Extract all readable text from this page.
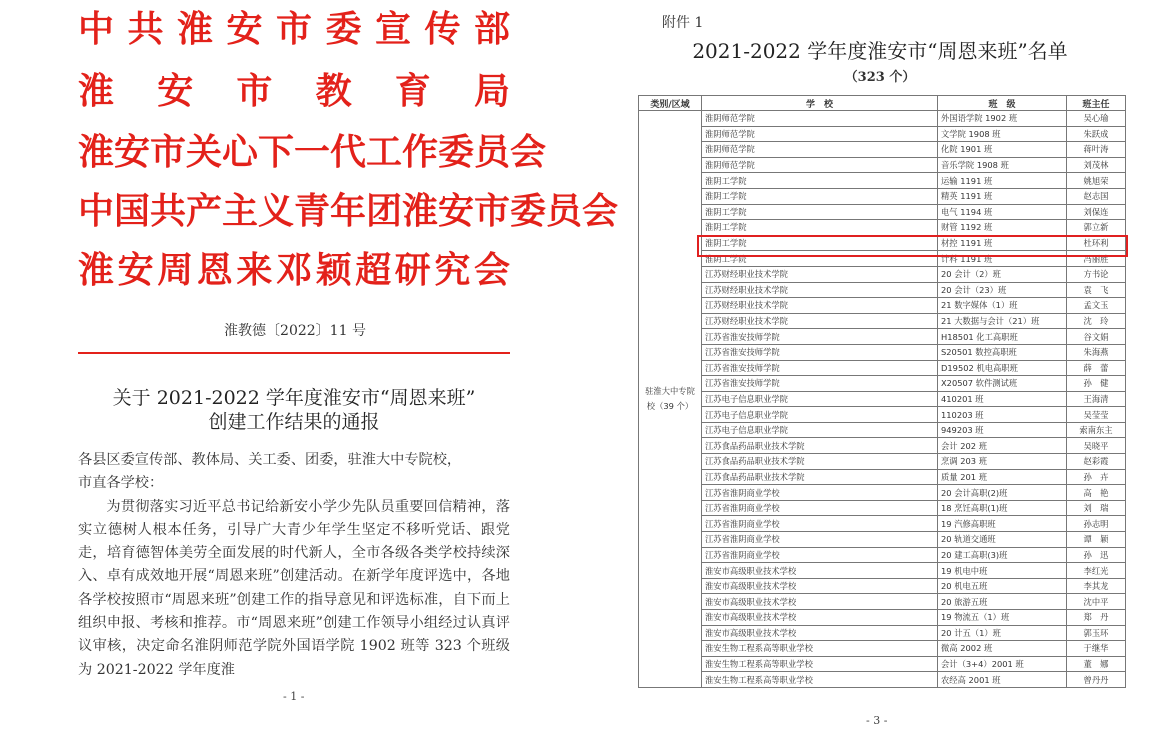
中共淮安市委宣传部
淮安市教育局
淮安市关心下一代工作委员会
中国共产主义青年团淮安市委员会
淮安周恩来邓颖超研究会
淮教德〔2022〕11 号
关于 2021-2022 学年度淮安市“周恩来班”
创建工作结果的通报

各县区委宣传部、教体局、关工委、团委，驻淮大中专院校，

市直各学校：

为贯彻落实习近平总书记给新安小学少先队员重要回信精神，落实立德树人根本任务，引导广大青少年学生坚定不移听党话、跟党走，培育德智体美劳全面发展的时代新人，全市各级各类学校持续深入、卓有成效地开展“周恩来班”创建活动。在新学年度评选中，各地各学校按照市“周恩来班”创建工作的指导意见和评选标准，自下而上组织申报、考核和推荐。市“周恩来班”创建工作领导小组经过认真评议审核，决定命名淮阴师范学院外国语学院 1902 班等 323 个班级为 2021-2022 学年度淮

- 1 -
附件 1
2021-2022 学年度淮安市“周恩来班”名单
（323 个）
类别/区域	学　校	班　级	班主任
驻淮大中专院校（39 个）	淮阴师范学院	外国语学院 1902 班	吴心瑜
	淮阴师范学院	文学院 1908 班	朱跃成
	淮阴师范学院	化院 1901 班	蒋叶涛
	淮阴师范学院	音乐学院 1908 班	刘茂林
	淮阴工学院	运输 1191 班	姚旭荣
	淮阴工学院	精英 1191 班	赵志国
	淮阴工学院	电气 1194 班	刘保连
	淮阴工学院	财管 1192 班	郭立新
	淮阴工学院	材控 1191 班	杜环利
	淮阴工学院	计科 1191 班	冯丽胜
	江苏财经职业技术学院	20 会计（2）班	方书论
	江苏财经职业技术学院	20 会计（23）班	袁　飞
	江苏财经职业技术学院	21 数字媒体（1）班	孟文玉
	江苏财经职业技术学院	21 大数据与会计（21）班	沈　玲
	江苏省淮安技师学院	H18501 化工高职班	谷文娟
	江苏省淮安技师学院	S20501 数控高职班	朱海燕
	江苏省淮安技师学院	D19502 机电高职班	薛　蕾
	江苏省淮安技师学院	X20507 软件测试班	孙　健
	江苏电子信息职业学院	410201 班	王海清
	江苏电子信息职业学院	110203 班	吴莹莹
	江苏电子信息职业学院	949203 班	索南东主
	江苏食品药品职业技术学院	会计 202 班	吴晓平
	江苏食品药品职业技术学院	烹调 203 班	赵彩霞
	江苏食品药品职业技术学院	质量 201 班	孙　卉
	江苏省淮阴商业学校	20 会计高职(2)班	高　艳
	江苏省淮阴商业学校	18 烹饪高职(1)班	刘　瑞
	江苏省淮阴商业学校	19 汽修高职班	孙志明
	江苏省淮阴商业学校	20 轨道交通班	谭　颖
	江苏省淮阴商业学校	20 建工高职(3)班	孙　迅
	淮安市高级职业技术学校	19 机电中班	李红光
	淮安市高级职业技术学校	20 机电五班	李其龙
	淮安市高级职业技术学校	20 旅游五班	沈中平
	淮安市高级职业技术学校	19 物流五（1）班	郑　丹
	淮安市高级职业技术学校	20 计五（1）班	郭玉环
	淮安生物工程系高等职业学校	微高 2002 班	于继华
	淮安生物工程系高等职业学校	会计（3+4）2001 班	董　娜
	淮安生物工程系高等职业学校	农经高 2001 班	曾丹丹
- 3 -
